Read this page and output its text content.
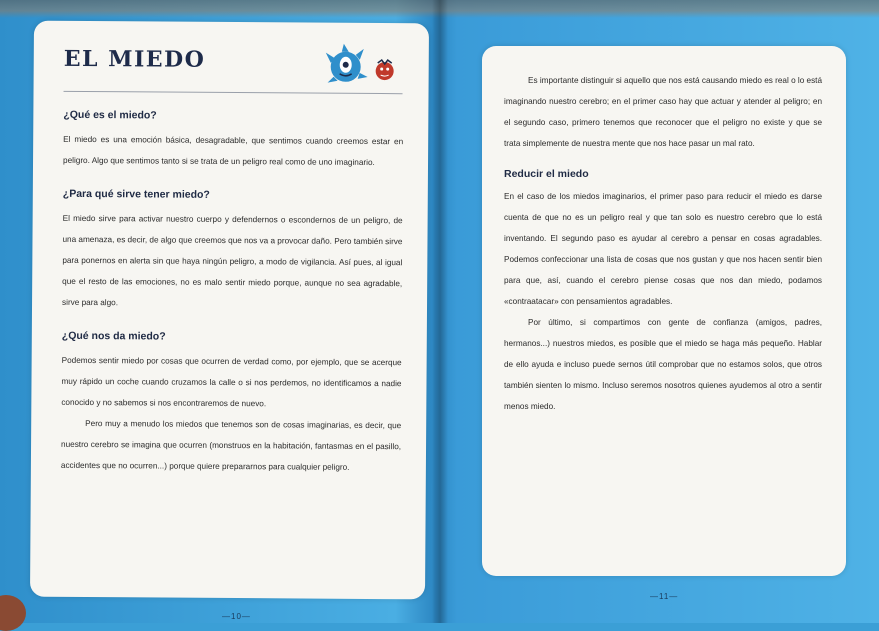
EL MIEDO
¿Qué es el miedo?

El miedo es una emoción básica, desagradable, que sentimos cuando creemos estar en peligro. Algo que sentimos tanto si se trata de un peligro real como de uno imaginario.

¿Para qué sirve tener miedo?

El miedo sirve para activar nuestro cuerpo y defendernos o escondernos de un peligro, de una amenaza, es decir, de algo que creemos que nos va a provocar daño. Pero también sirve para ponernos en alerta sin que haya ningún peligro, a modo de vigilancia. Así pues, al igual que el resto de las emociones, no es malo sentir miedo porque, aunque no sea agradable, sirve para algo.

¿Qué nos da miedo?

Podemos sentir miedo por cosas que ocurren de verdad como, por ejemplo, que se acerque muy rápido un coche cuando cruzamos la calle o si nos perdemos, no identificamos a nadie conocido y no sabemos si nos encontraremos de nuevo.

Pero muy a menudo los miedos que tenemos son de cosas imaginarias, es decir, que nuestro cerebro se imagina que ocurren (monstruos en la habitación, fantasmas en el pasillo, accidentes que no ocurren...) porque quiere prepararnos para cualquier peligro.

—10—

Es importante distinguir si aquello que nos está causando miedo es real o lo está imaginando nuestro cerebro; en el primer caso hay que actuar y atender al peligro; en el segundo caso, primero tenemos que reconocer que el peligro no existe y que se trata simplemente de nuestra mente que nos hace pasar un mal rato.

Reducir el miedo

En el caso de los miedos imaginarios, el primer paso para reducir el miedo es darse cuenta de que no es un peligro real y que tan solo es nuestro cerebro que lo está inventando. El segundo paso es ayudar al cerebro a pensar en cosas agradables. Podemos confeccionar una lista de cosas que nos gustan y que nos hacen sentir bien para que, así, cuando el cerebro piense cosas que nos dan miedo, podamos «contraatacar» con pensamientos agradables.

Por último, si compartimos con gente de confianza (amigos, padres, hermanos...) nuestros miedos, es posible que el miedo se haga más pequeño. Hablar de ello ayuda e incluso puede sernos útil comprobar que no estamos solos, que otros también sienten lo mismo. Incluso seremos nosotros quienes ayudemos al otro a sentir menos miedo.

—11—
